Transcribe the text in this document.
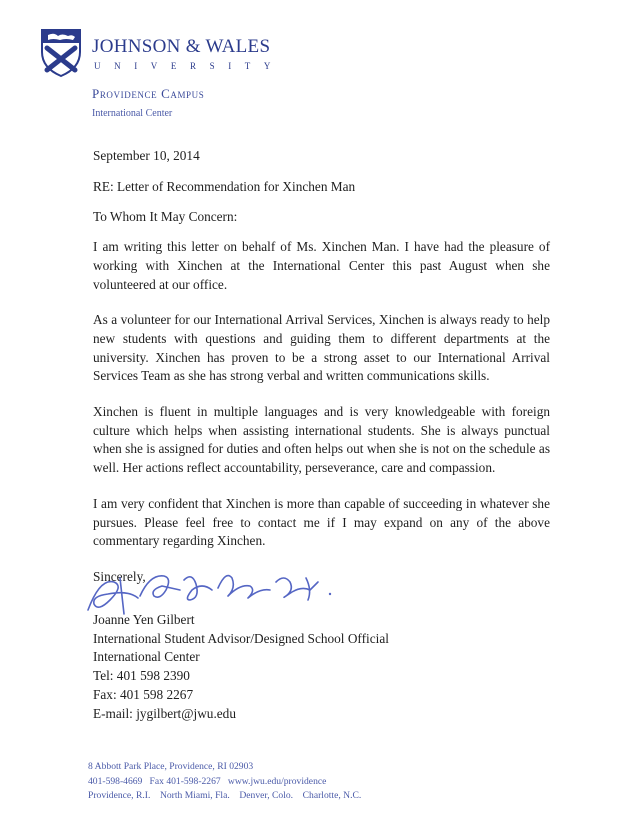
JOHNSON & WALES
UNIVERSITY
Providence Campus
International Center

September 10, 2014

RE: Letter of Recommendation for Xinchen Man

To Whom It May Concern:

I am writing this letter on behalf of Ms. Xinchen Man. I have had the pleasure of working with Xinchen at the International Center this past August when she volunteered at our office.

As a volunteer for our International Arrival Services, Xinchen is always ready to help new students with questions and guiding them to different departments at the university. Xinchen has proven to be a strong asset to our International Arrival Services Team as she has strong verbal and written communications skills.

Xinchen is fluent in multiple languages and is very knowledgeable with foreign culture which helps when assisting international students. She is always punctual when she is assigned for duties and often helps out when she is not on the schedule as well. Her actions reflect accountability, perseverance, care and compassion.

I am very confident that Xinchen is more than capable of succeeding in whatever she pursues. Please feel free to contact me if I may expand on any of the above commentary regarding Xinchen.

Sincerely,

Joanne Yen Gilbert
International Student Advisor/Designed School Official
International Center
Tel: 401 598 2390
Fax: 401 598 2267
E-mail: jygilbert@jwu.edu
8 Abbott Park Place, Providence, RI 02903
401-598-4669   Fax 401-598-2267   www.jwu.edu/providence
Providence, R.I.    North Miami, Fla.    Denver, Colo.    Charlotte, N.C.
